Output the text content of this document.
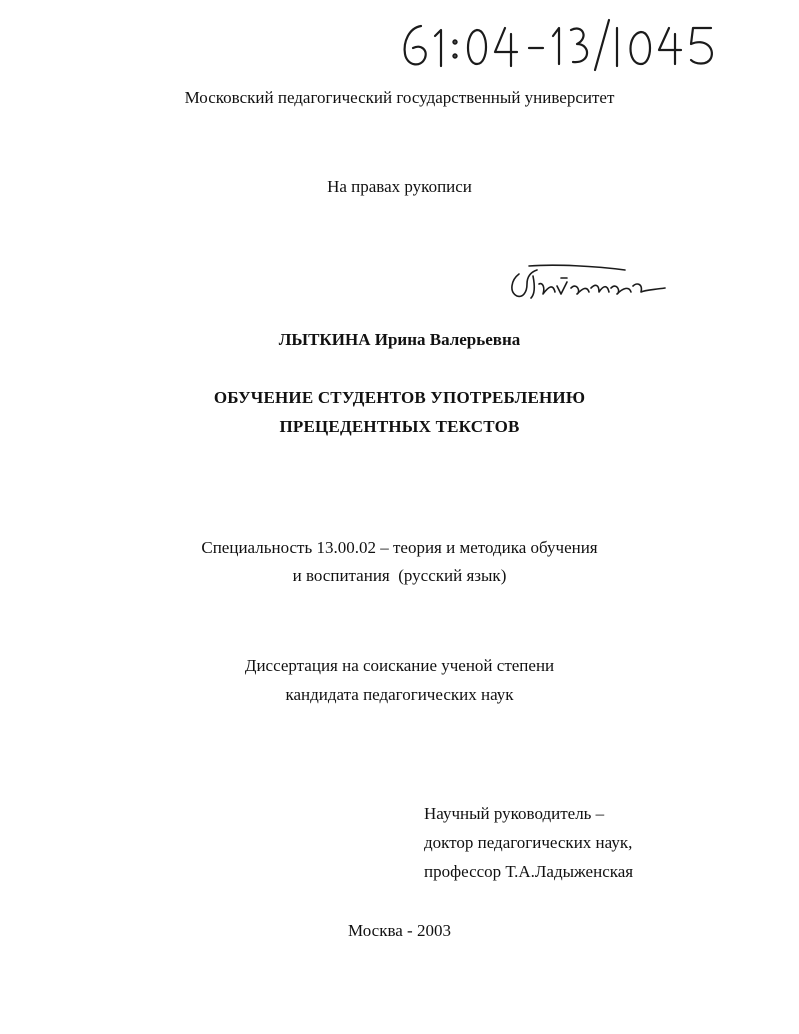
Московский педагогический государственный университет
На правах рукописи
ЛЫТКИНА Ирина Валерьевна
ОБУЧЕНИЕ СТУДЕНТОВ УПОТРЕБЛЕНИЮ
ПРЕЦЕДЕНТНЫХ ТЕКСТОВ
Специальность 13.00.02 – теория и методика обучения
и воспитания  (русский язык)
Диссертация на соискание ученой степени
кандидата педагогических наук
Научный руководитель –
доктор педагогических наук,
профессор Т.А.Ладыженская
Москва - 2003
